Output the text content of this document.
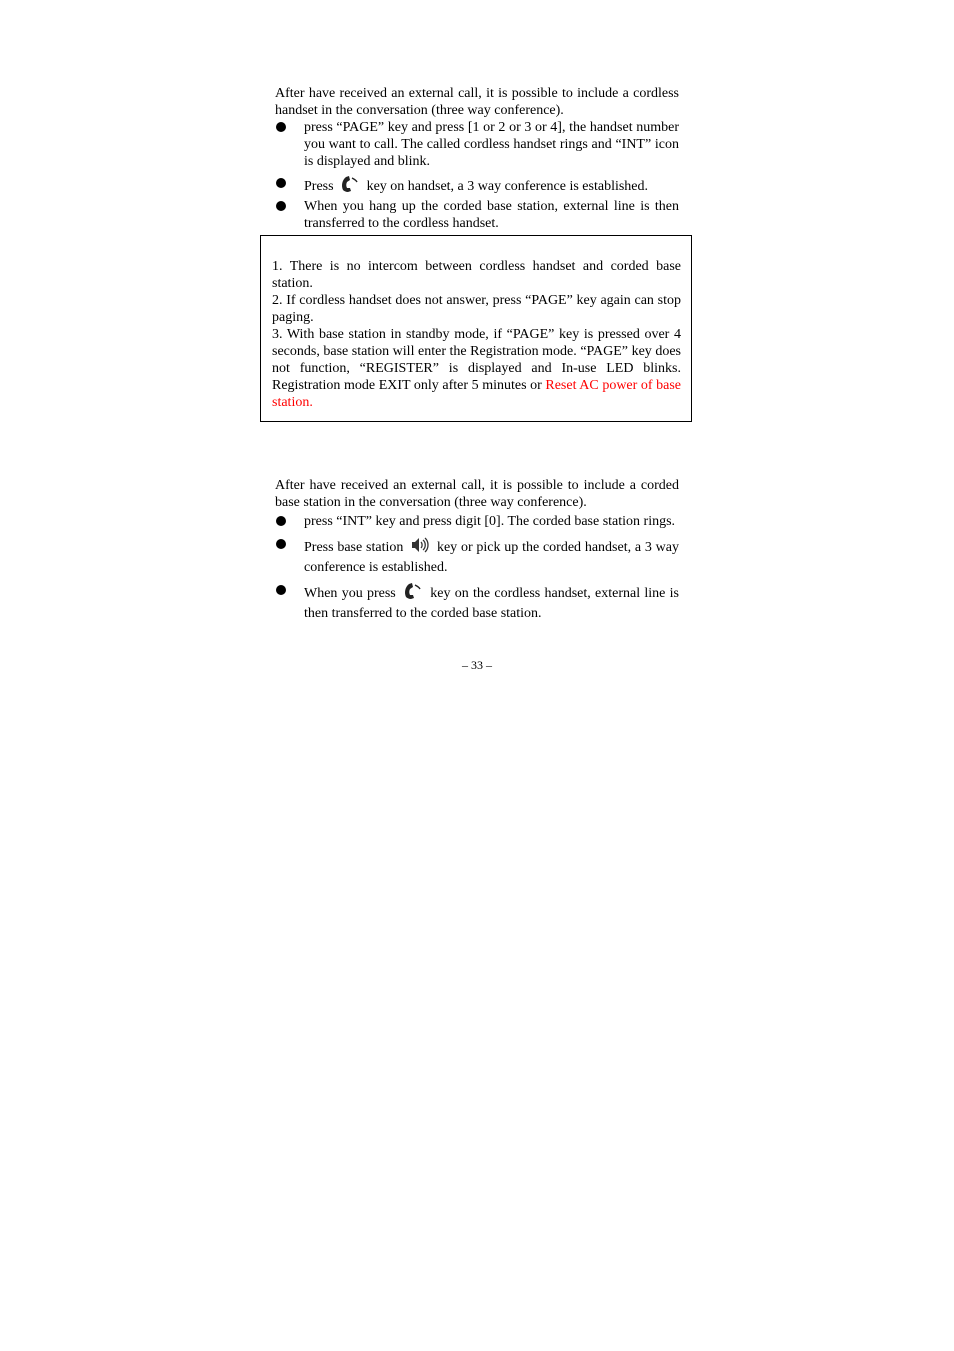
After have received an external call, it is possible to include a cordless handset in the conversation (three way conference).

press “PAGE” key and press [1 or 2 or 3 or 4], the handset number you want to call. The called cordless handset rings and “INT” icon is displayed and blink.
Press key on handset, a 3 way conference is established.
When you hang up the corded base station, external line is then transferred to the cordless handset.

1. There is no intercom between cordless handset and corded base station.

2. If cordless handset does not answer, press “PAGE” key again can stop paging.

3. With base station in standby mode, if “PAGE” key is pressed over 4 seconds, base station will enter the Registration mode. “PAGE” key does not function, “REGISTER” is displayed and In-use LED blinks. Registration mode EXIT only after 5 minutes or Reset AC power of base station.

After have received an external call, it is possible to include a corded base station in the conversation (three way conference).

press “INT” key and press digit [0]. The corded base station rings.
Press base station key or pick up the corded handset, a 3 way conference is established.
When you press key on the cordless handset, external line is then transferred to the corded base station.
– 33 –
